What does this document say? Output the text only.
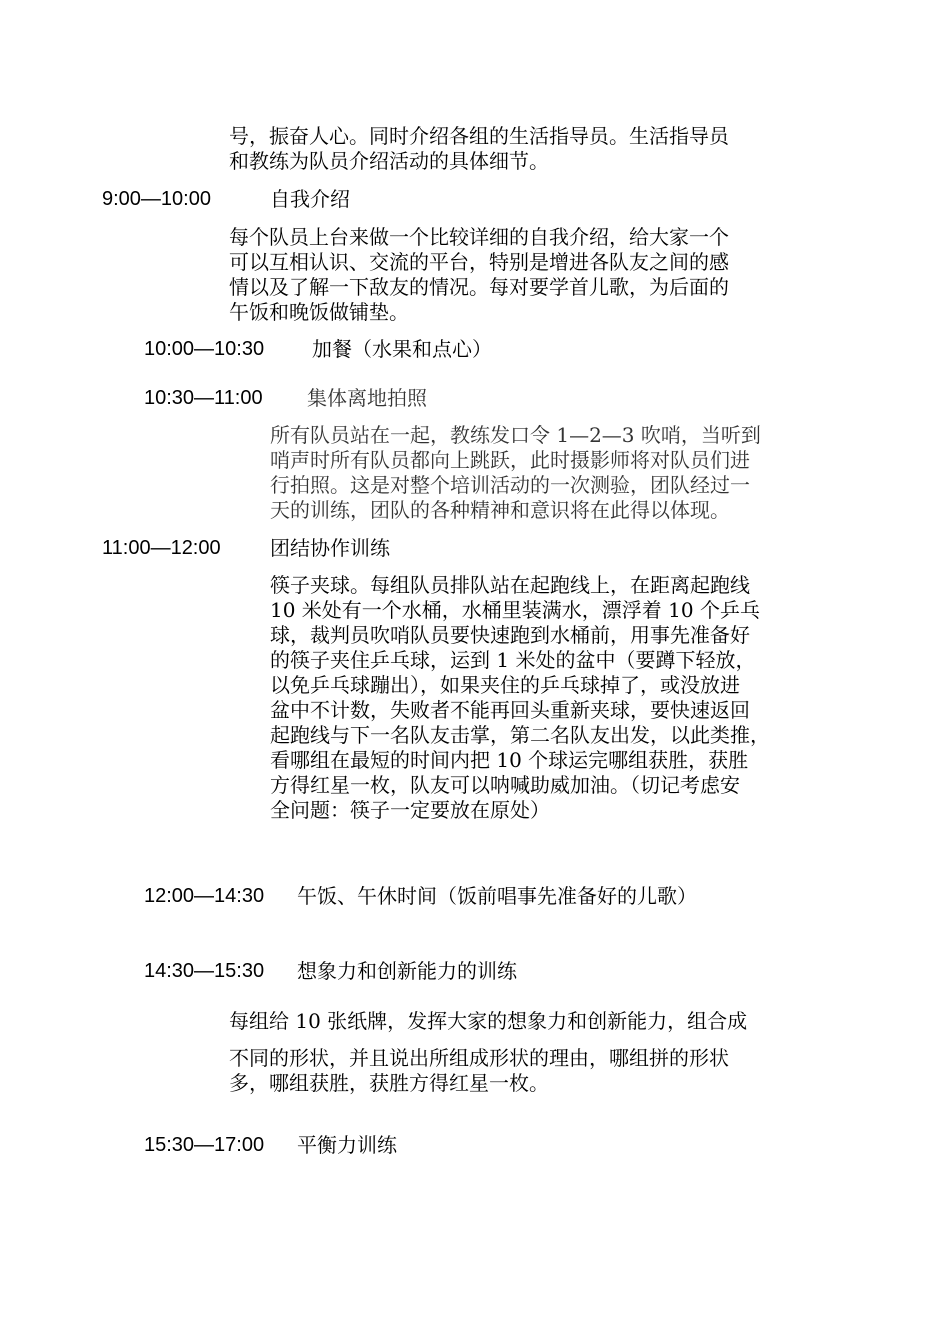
号，振奋人心。同时介绍各组的生活指导员。生活指导员
和教练为队员介绍活动的具体细节。
9:00—10:00	自我介绍
每个队员上台来做一个比较详细的自我介绍，给大家一个
可以互相认识、交流的平台，特别是增进各队友之间的感
情以及了解一下敌友的情况。每对要学首儿歌，为后面的
午饭和晚饭做铺垫。
10:00—10:30 加餐（水果和点心）
10:30—11:00 集体离地拍照
所有队员站在一起，教练发口令 1—2—3 吹哨，当听到
哨声时所有队员都向上跳跃，此时摄影师将对队员们进
行拍照。这是对整个培训活动的一次测验，团队经过一
天的训练，团队的各种精神和意识将在此得以体现。
11:00—12:00 团结协作训练
筷子夹球。每组队员排队站在起跑线上，在距离起跑线
10 米处有一个水桶，水桶里装满水，漂浮着 10 个乒乓
球，裁判员吹哨队员要快速跑到水桶前，用事先准备好
的筷子夹住乒乓球，运到 1 米处的盆中（要蹲下轻放，
以免乒乓球蹦出），如果夹住的乒乓球掉了，或没放进
盆中不计数，失败者不能再回头重新夹球，要快速返回
起跑线与下一名队友击掌，第二名队友出发，以此类推，
看哪组在最短的时间内把 10 个球运完哪组获胜，获胜
方得红星一枚，队友可以呐喊助威加油。（切记考虑安
全问题：筷子一定要放在原处）
12:00—14:30 午饭、午休时间（饭前唱事先准备好的儿歌）
14:30—15:30 想象力和创新能力的训练
每组给 10 张纸牌，发挥大家的想象力和创新能力，组合成
不同的形状，并且说出所组成形状的理由，哪组拼的形状
多，哪组获胜，获胜方得红星一枚。
15:30—17:00 平衡力训练
